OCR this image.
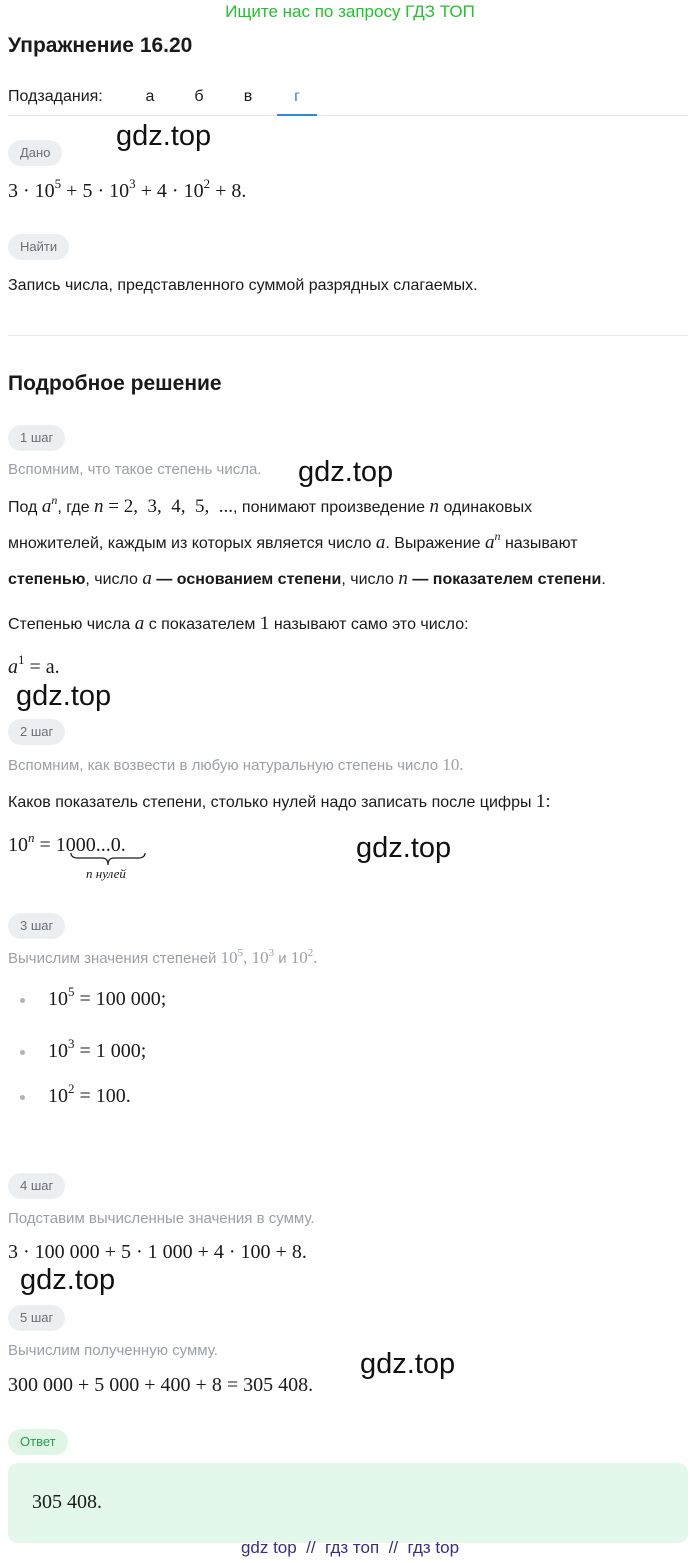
Ищите нас по запросу ГДЗ ТОП
Упражнение 16.20
Подзадания:	а	б	в	г
Дано
$3 \cdot 10^5 + 5 \cdot 10^3 + 4 \cdot 10^2 + 8$.
Найти
Запись числа, представленного суммой разрядных слагаемых.
Подробное решение
1 шаг
Вспомним, что такое степень числа.
Под $a^n$, где n = 2,  3,  4,  5,  ..., понимают произведение n одинаковых
множителей, каждым из которых является число a. Выражение $a^n$ называют
степенью, число a — основанием степени, число n — показателем степени.
Степенью числа a с показателем 1 называют само это число:
$a^1 = a$.
2 шаг
Вспомним, как возвести в любую натуральную степень число 10.
Каков показатель степени, столько нулей надо записать после цифры 1:
$10^n = 1000...0$.
n нулей
3 шаг
Вычислим значения степеней $10^5$, $10^3$ и $10^2$.
$10^5 = 100$ 000;
$10^3 = 1$ 000;
$10^2 = 100$.
4 шаг
Подставим вычисленные значения в сумму.
3 · 100 000 + 5 · 1 000 + 4 · 100 + 8.
5 шаг
Вычислим полученную сумму.
300 000 + 5 000 + 400 + 8 = 305 408.
Ответ
305 408.
gdz.top
gdz.top
gdz.top
gdz.top
gdz.top
gdz.top
gdz top  //  гдз топ  //  гдз top
